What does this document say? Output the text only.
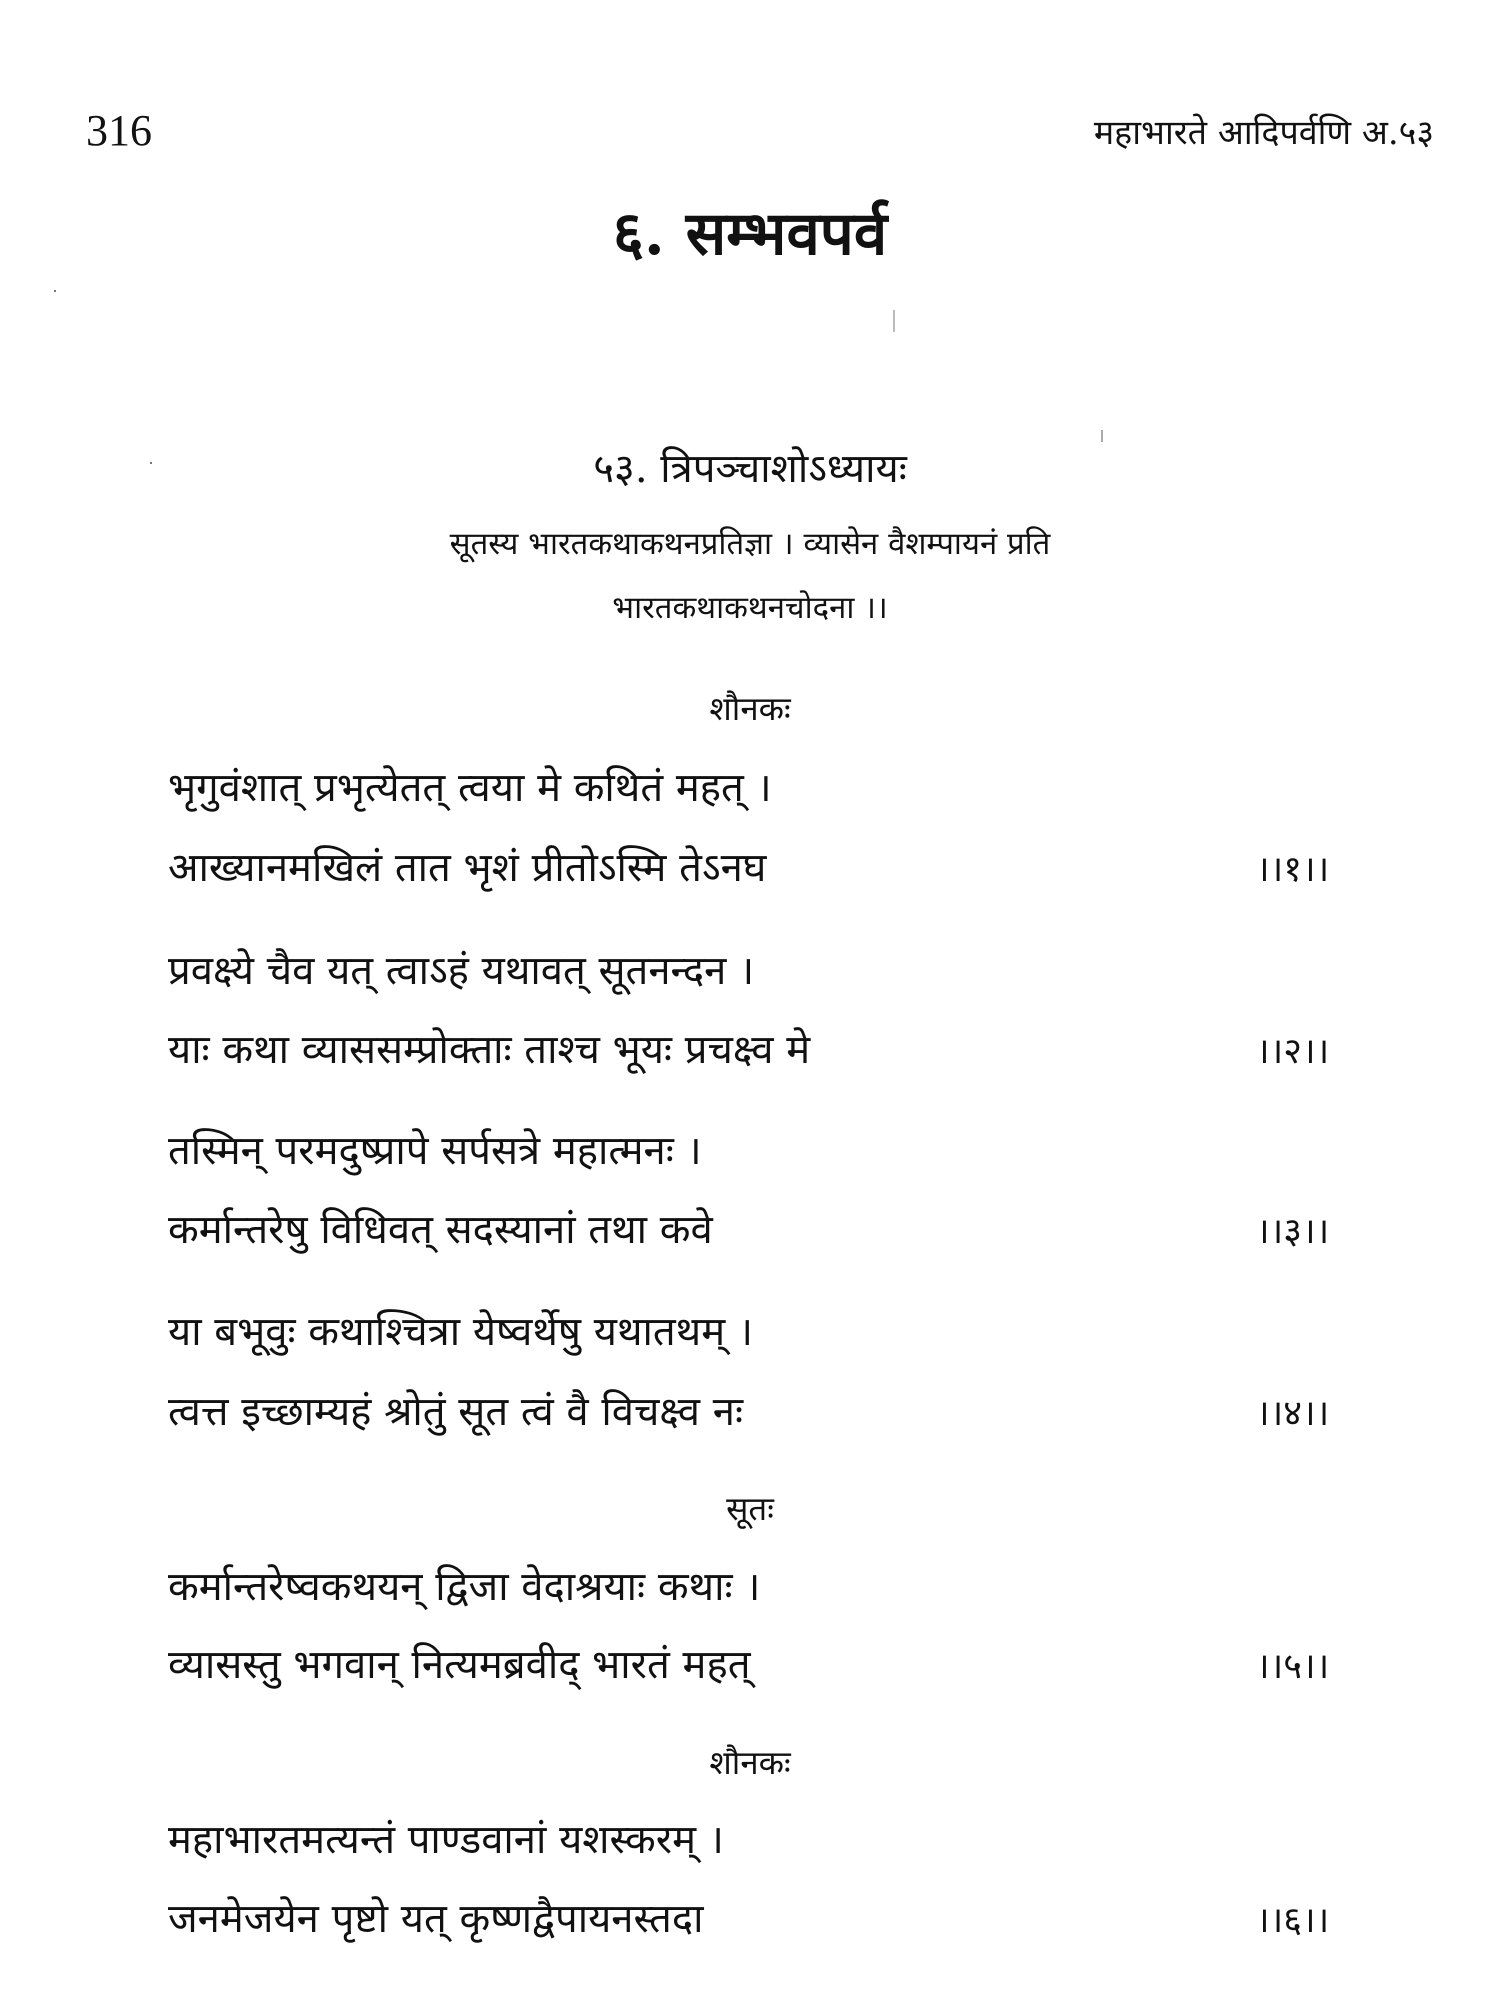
316	महाभारते आदिपर्वणि अ.५३
६. सम्भवपर्व
५३. त्रिपञ्चाशोऽध्यायः
सूतस्य भारतकथाकथनप्रतिज्ञा । व्यासेन वैशम्पायनं प्रति
भारतकथाकथनचोदना ।।
शौनकः
भृगुवंशात् प्रभृत्येतत् त्वया मे कथितं महत् ।
आख्यानमखिलं तात भृशं प्रीतोऽस्मि तेऽनघ	।।१।।
प्रवक्ष्ये चैव यत् त्वाऽहं यथावत् सूतनन्दन ।
याः कथा व्याससम्प्रोक्ताः ताश्च भूयः प्रचक्ष्व मे	।।२।।
तस्मिन् परमदुष्प्रापे सर्पसत्रे महात्मनः ।
कर्मान्तरेषु विधिवत् सदस्यानां तथा कवे	।।३।।
या बभूवुः कथाश्चित्रा येष्वर्थेषु यथातथम् ।
त्वत्त इच्छाम्यहं श्रोतुं सूत त्वं वै विचक्ष्व नः	।।४।।
सूतः
कर्मान्तरेष्वकथयन् द्विजा वेदाश्रयाः कथाः ।
व्यासस्तु भगवान् नित्यमब्रवीद् भारतं महत्	।।५।।
शौनकः
महाभारतमत्यन्तं पाण्डवानां यशस्करम् ।
जनमेजयेन पृष्टो यत् कृष्णद्वैपायनस्तदा	।।६।।
